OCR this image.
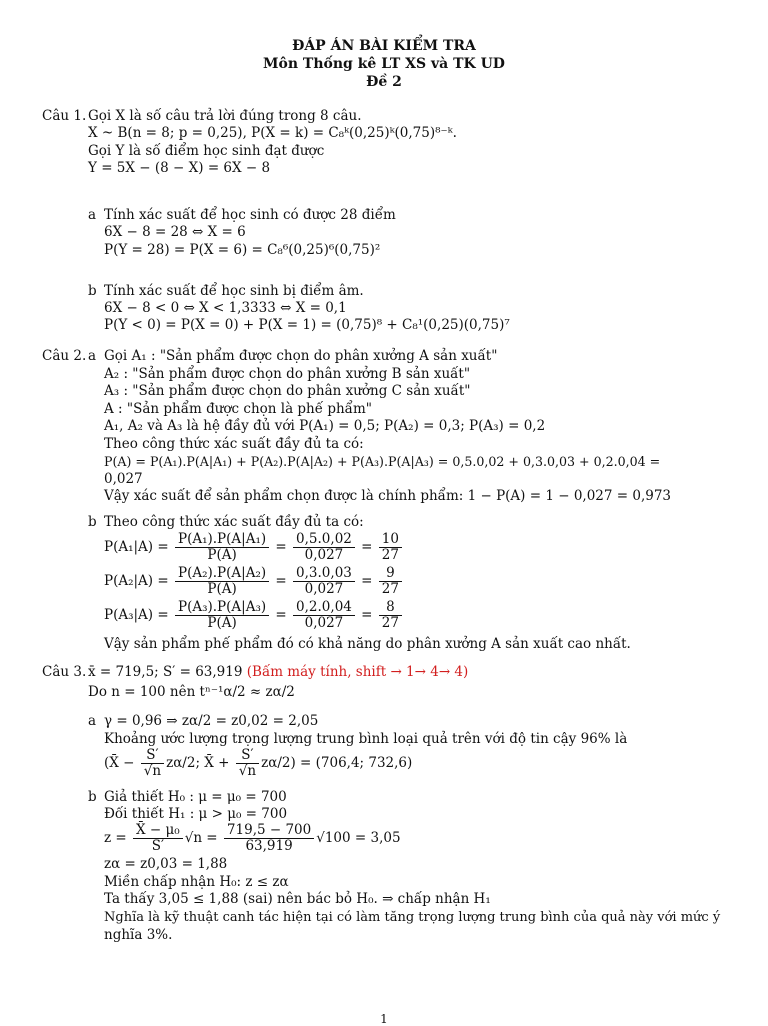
ĐÁP ÁN BÀI KIỂM TRA
Môn Thống kê LT XS và TK UD
Đề 2
Câu 1. Gọi X là số câu trả lời đúng trong 8 câu.
X ~ B(n = 8; p = 0,25), P(X = k) = C₈ᵏ(0,25)ᵏ(0,75)⁸⁻ᵏ.
Gọi Y là số điểm học sinh đạt được
Y = 5X − (8 − X) = 6X − 8
a Tính xác suất để học sinh có được 28 điểm
6X − 8 = 28 ⇔ X = 6
P(Y = 28) = P(X = 6) = C₈⁶(0,25)⁶(0,75)²
b Tính xác suất để học sinh bị điểm âm.
6X − 8 < 0 ⇔ X < 1,3333 ⇔ X = 0,1
P(Y < 0) = P(X = 0) + P(X = 1) = (0,75)⁸ + C₈¹(0,25)(0,75)⁷
Câu 2. a Gọi A₁ : "Sản phẩm được chọn do phân xưởng A sản xuất"
A₂ : "Sản phẩm được chọn do phân xưởng B sản xuất"
A₃ : "Sản phẩm được chọn do phân xưởng C sản xuất"
A : "Sản phẩm được chọn là phế phẩm"
A₁, A₂ và A₃ là hệ đầy đủ với P(A₁) = 0,5; P(A₂) = 0,3; P(A₃) = 0,2
Theo công thức xác suất đầy đủ ta có:
P(A) = P(A₁).P(A|A₁) + P(A₂).P(A|A₂) + P(A₃).P(A|A₃) = 0,5.0,02 + 0,3.0,03 + 0,2.0,04 =
0,027
Vậy xác suất để sản phẩm chọn được là chính phẩm: 1 − P(A) = 1 − 0,027 = 0,973
b Theo công thức xác suất đầy đủ ta có:
$P(A_1|A) = \frac{\text{P(A₁).P(A|A₁)}}{P(A)} = \frac{0,5.0,02}{0,027} = \frac{10}{27}$
$P(A_2|A) = \frac{\text{P(A₂).P(A|A₂)}}{P(A)} = \frac{0,3.0,03}{0,027} = \frac{9}{27}$
$P(A_3|A) = \frac{\text{P(A₃).P(A|A₃)}}{P(A)} = \frac{0,2.0,04}{0,027} = \frac{8}{27}$
Vậy sản phẩm phế phẩm đó có khả năng do phân xưởng A sản xuất cao nhất.
Câu 3. x̄ = 719,5; S′ = 63,919 (Bấm máy tính, shift → 1→ 4→ 4)
Do n = 100 nên tⁿ⁻¹α/2 ≈ zα/2
a γ = 0,96 ⇒ zα/2 = z0,02 = 2,05
Khoảng ước lượng trọng lượng trung bình loại quả trên với độ tin cậy 96% là
(X̄ − $\frac{S'}{√n} z\alpha/2$; X̄ + $\frac{S'}{√n} z\alpha/2) = (706,4$; 732,6)
b Giả thiết H₀ : μ = μ₀ = 700
Đối thiết H₁ : μ > μ₀ = 700
$z = \frac{\text{X̄ − μ₀}}{S'} √n = \frac{719,5 - 700}{63,919} √100 = 3,05$
zα = z0,03 = 1,88
Miền chấp nhận H₀: z ≤ zα
Ta thấy 3,05 ≤ 1,88 (sai) nên bác bỏ H₀. ⇒ chấp nhận H₁
Nghĩa là kỹ thuật canh tác hiện tại có làm tăng trọng lượng trung bình của quả này với mức ý
nghĩa 3%.
1
